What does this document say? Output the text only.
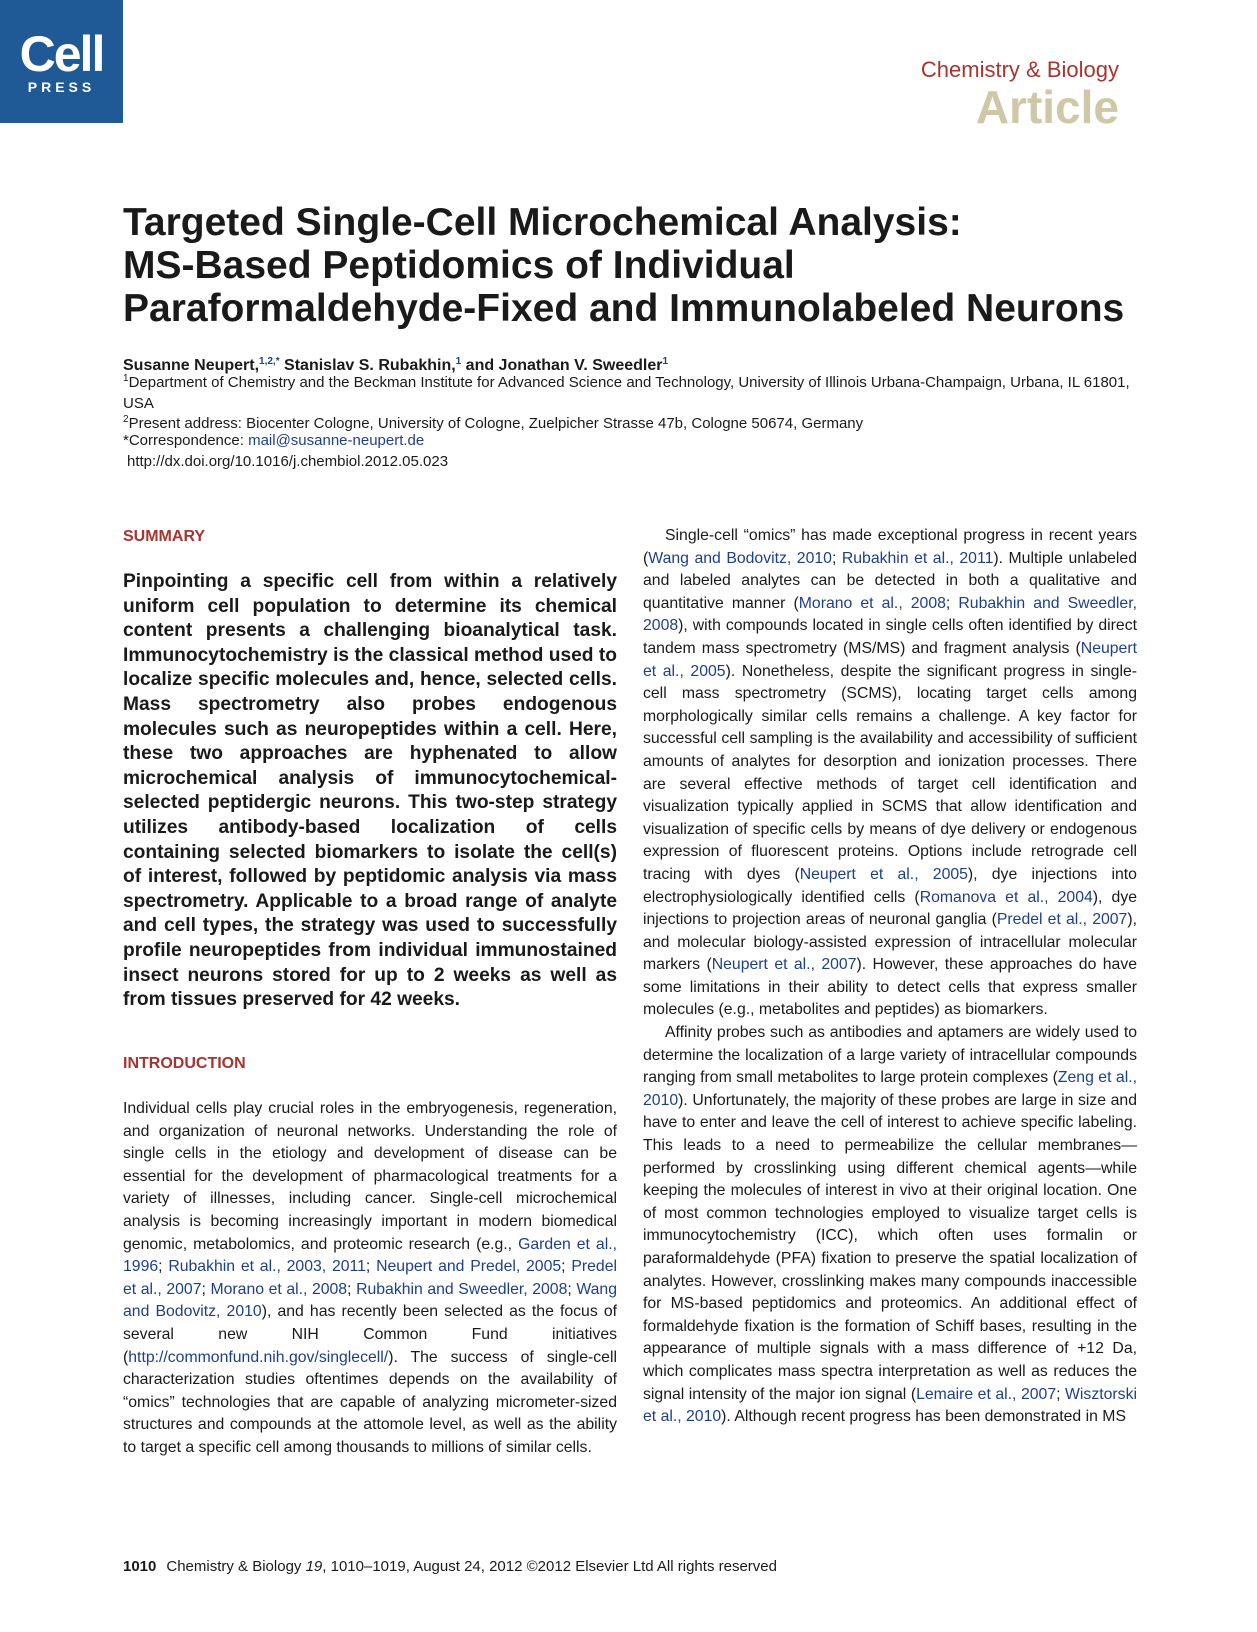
Cell
PRESS
Chemistry & Biology
Article
Targeted Single-Cell Microchemical Analysis:
MS-Based Peptidomics of Individual
Paraformaldehyde-Fixed and Immunolabeled Neurons
Susanne Neupert,$^{1,2,*}$ Stanislav S. Rubakhin,$^1$ and Jonathan V. Sweedler$^1$
$^1$Department of Chemistry and the Beckman Institute for Advanced Science and Technology, University of Illinois Urbana-Champaign, Urbana, IL 61801, USA
$^2$Present address: Biocenter Cologne, University of Cologne, Zuelpicher Strasse 47b, Cologne 50674, Germany
*Correspondence: mail@susanne-neupert.de
http://dx.doi.org/10.1016/j.chembiol.2012.05.023
SUMMARY

Pinpointing a specific cell from within a relatively uniform cell population to determine its chemical content presents a challenging bioanalytical task. Immunocytochemistry is the classical method used to localize specific molecules and, hence, selected cells. Mass spectrometry also probes endogenous molecules such as neuropeptides within a cell. Here, these two approaches are hyphenated to allow microchemical analysis of immunocytochemical-selected peptidergic neurons. This two-step strategy utilizes antibody-based localization of cells containing selected biomarkers to isolate the cell(s) of interest, followed by peptidomic analysis via mass spectrometry. Applicable to a broad range of analyte and cell types, the strategy was used to successfully profile neuropeptides from individual immunostained insect neurons stored for up to 2 weeks as well as from tissues preserved for 42 weeks.

INTRODUCTION

Individual cells play crucial roles in the embryogenesis, regeneration, and organization of neuronal networks. Understanding the role of single cells in the etiology and development of disease can be essential for the development of pharmacological treatments for a variety of illnesses, including cancer. Single-cell microchemical analysis is becoming increasingly important in modern biomedical genomic, metabolomics, and proteomic research (e.g., Garden et al., 1996; Rubakhin et al., 2003, 2011; Neupert and Predel, 2005; Predel et al., 2007; Morano et al., 2008; Rubakhin and Sweedler, 2008; Wang and Bodovitz, 2010), and has recently been selected as the focus of several new NIH Common Fund initiatives (http://commonfund.nih.gov/singlecell/). The success of single-cell characterization studies oftentimes depends on the availability of “omics” technologies that are capable of analyzing micrometer-sized structures and compounds at the attomole level, as well as the ability to target a specific cell among thousands to millions of similar cells.

Single-cell “omics” has made exceptional progress in recent years (Wang and Bodovitz, 2010; Rubakhin et al., 2011). Multiple unlabeled and labeled analytes can be detected in both a qualitative and quantitative manner (Morano et al., 2008; Rubakhin and Sweedler, 2008), with compounds located in single cells often identified by direct tandem mass spectrometry (MS/MS) and fragment analysis (Neupert et al., 2005). Nonetheless, despite the significant progress in single-cell mass spectrometry (SCMS), locating target cells among morphologically similar cells remains a challenge. A key factor for successful cell sampling is the availability and accessibility of sufficient amounts of analytes for desorption and ionization processes. There are several effective methods of target cell identification and visualization typically applied in SCMS that allow identification and visualization of specific cells by means of dye delivery or endogenous expression of fluorescent proteins. Options include retrograde cell tracing with dyes (Neupert et al., 2005), dye injections into electrophysiologically identified cells (Romanova et al., 2004), dye injections to projection areas of neuronal ganglia (Predel et al., 2007), and molecular biology-assisted expression of intracellular molecular markers (Neupert et al., 2007). However, these approaches do have some limitations in their ability to detect cells that express smaller molecules (e.g., metabolites and peptides) as biomarkers.

Affinity probes such as antibodies and aptamers are widely used to determine the localization of a large variety of intracellular compounds ranging from small metabolites to large protein complexes (Zeng et al., 2010). Unfortunately, the majority of these probes are large in size and have to enter and leave the cell of interest to achieve specific labeling. This leads to a need to permeabilize the cellular membranes—performed by crosslinking using different chemical agents—while keeping the molecules of interest in vivo at their original location. One of most common technologies employed to visualize target cells is immunocytochemistry (ICC), which often uses formalin or paraformaldehyde (PFA) fixation to preserve the spatial localization of analytes. However, crosslinking makes many compounds inaccessible for MS-based peptidomics and proteomics. An additional effect of formaldehyde fixation is the formation of Schiff bases, resulting in the appearance of multiple signals with a mass difference of +12 Da, which complicates mass spectra interpretation as well as reduces the signal intensity of the major ion signal (Lemaire et al., 2007; Wisztorski et al., 2010). Although recent progress has been demonstrated in MS

1010 Chemistry & Biology 19, 1010–1019, August 24, 2012 ©2012 Elsevier Ltd All rights reserved
